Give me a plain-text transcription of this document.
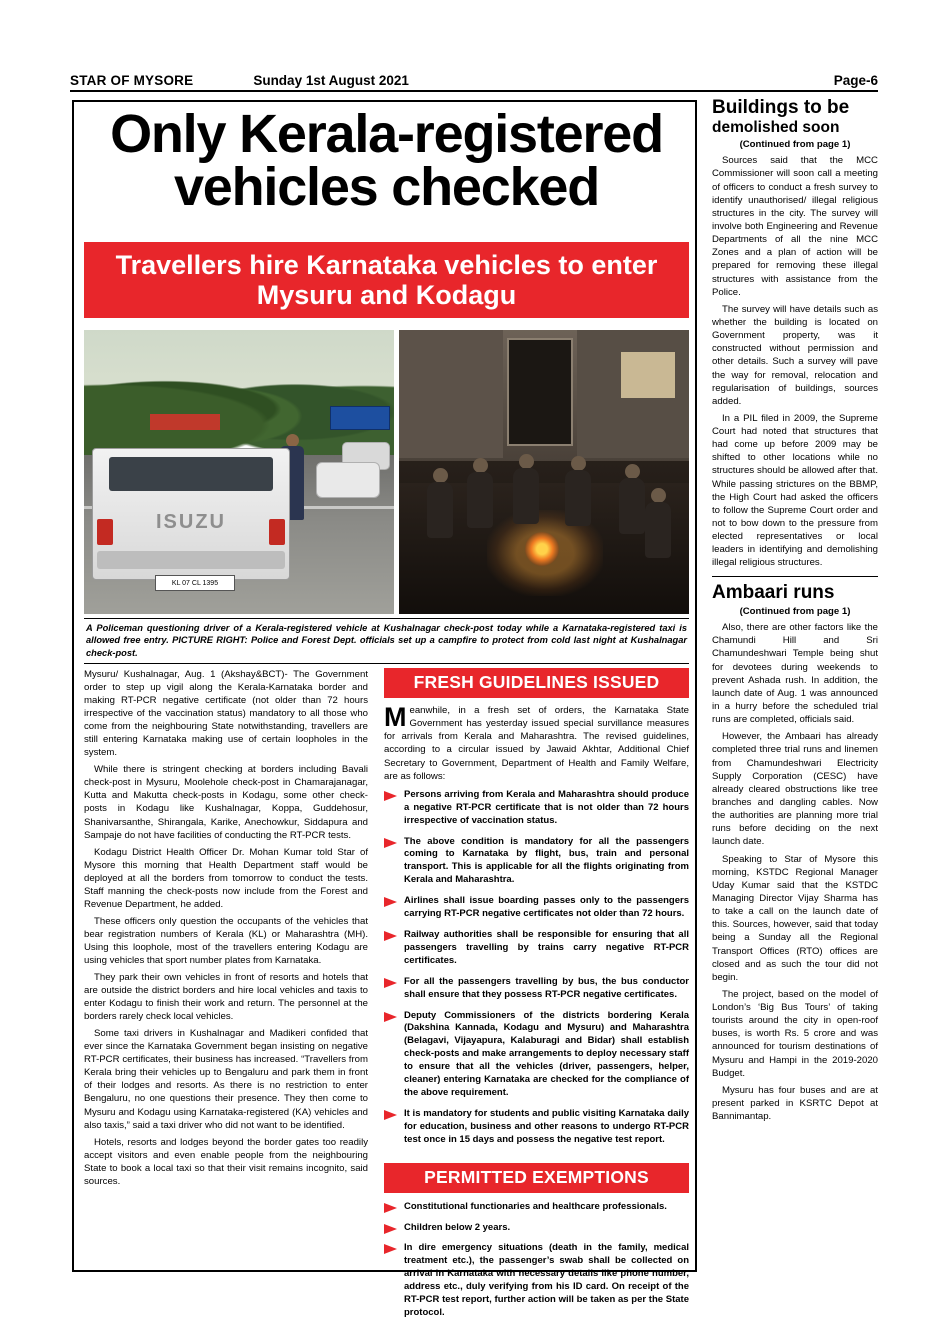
STAR OF MYSORE	Sunday 1st August 2021	Page-6
Only Kerala-registered vehicles checked
Travellers hire Karnataka vehicles to enter Mysuru and Kodagu
ISUZU
KL 07 CL 1395
A Policeman questioning driver of a Kerala-registered vehicle at Kushalnagar check-post today while a Karnataka-registered taxi is allowed free entry. PICTURE RIGHT: Police and Forest Dept. officials set up a campfire to protect from cold last night at Kushalnagar check-post.

Mysuru/ Kushalnagar, Aug. 1 (Akshay&BCT)- The Government order to step up vigil along the Kerala-Karnataka border and making RT-PCR negative certificate (not older than 72 hours irrespective of the vaccination status) mandatory to all those who come from the neighbouring State notwithstanding, travellers are still entering Karnataka making use of certain loopholes in the system.

While there is stringent checking at borders including Bavali check-post in Mysuru, Moolehole check-post in Chamarajanagar, Kutta and Makutta check-posts in Kodagu, some other check-posts in Kodagu like Kushalnagar, Koppa, Guddehosur, Shanivarsanthe, Shirangala, Karike, Anechowkur, Siddapura and Sampaje do not have facilities of conducting the RT-PCR tests.

Kodagu District Health Officer Dr. Mohan Kumar told Star of Mysore this morning that Health Department staff would be deployed at all the borders from tomorrow to conduct the tests. Staff manning the check-posts now include from the Forest and Revenue Department, he added.

These officers only question the occupants of the vehicles that bear registration numbers of Kerala (KL) or Maharashtra (MH). Using this loophole, most of the travellers entering Kodagu are using vehicles that sport number plates from Karnataka.

They park their own vehicles in front of resorts and hotels that are outside the district borders and hire local vehicles and taxis to enter Kodagu to finish their work and return. The personnel at the borders rarely check local vehicles.

Some taxi drivers in Kushalnagar and Madikeri confided that ever since the Karnataka Government began insisting on negative RT-PCR certificates, their business has increased. “Travellers from Kerala bring their vehicles up to Bengaluru and park them in front of their lodges and resorts. As there is no restriction to enter Bengaluru, no one questions their presence. They then come to Mysuru and Kodagu using Karnataka-registered (KA) vehicles and also taxis,” said a taxi driver who did not want to be identified.

Hotels, resorts and lodges beyond the border gates too readily accept visitors and even enable people from the neighbouring State to book a local taxi so that their visit remains incognito, said sources.

FRESH GUIDELINES ISSUED

Meanwhile, in a fresh set of orders, the Karnataka State Government has yesterday issued special survillance measures for arrivals from Kerala and Maharashtra. The revised guidelines, according to a circular issued by Jawaid Akhtar, Additional Chief Secretary to Government, Department of Health and Family Welfare, are as follows:

Persons arriving from Kerala and Maharashtra should produce a negative RT-PCR certificate that is not older than 72 hours irrespective of vaccination status.
The above condition is mandatory for all the passengers coming to Karnataka by flight, bus, train and personal transport. This is applicable for all the flights originating from Kerala and Maharashtra.
Airlines shall issue boarding passes only to the passengers carrying RT-PCR negative certificates not older than 72 hours.
Railway authorities shall be responsible for ensuring that all passengers travelling by trains carry negative RT-PCR certificates.
For all the passengers travelling by bus, the bus conductor shall ensure that they possess RT-PCR negative certificates.
Deputy Commissioners of the districts bordering Kerala (Dakshina Kannada, Kodagu and Mysuru) and Maharashtra (Belagavi, Vijayapura, Kalaburagi and Bidar) shall establish check-posts and make arrangements to deploy necessary staff to ensure that all the vehicles (driver, passengers, helper, cleaner) entering Karnataka are checked for the compliance of the above requirement.
It is mandatory for students and public visiting Karnataka daily for education, business and other reasons to undergo RT-PCR test once in 15 days and possess the negative test report.
PERMITTED EXEMPTIONS
Constitutional functionaries and healthcare professionals.
Children below 2 years.
In dire emergency situations (death in the family, medical treatment etc.), the passenger’s swab shall be collected on arrival in Karnataka with necessary details like phone number, address etc., duly verifying from his ID card. On receipt of the RT-PCR test report, further action will be taken as per the State protocol.
Buildings to be
demolished soon
(Continued from page 1)

Sources said that the MCC Commissioner will soon call a meeting of officers to conduct a fresh survey to identify unauthorised/ illegal religious structures in the city. The survey will involve both Engineering and Revenue Departments of all the nine MCC Zones and a plan of action will be prepared for removing these illegal structures with assistance from the Police.

The survey will have details such as whether the building is located on Government property, was it constructed without permission and other details. Such a survey will pave the way for removal, relocation and regularisation of buildings, sources added.

In a PIL filed in 2009, the Supreme Court had noted that structures that had come up before 2009 may be shifted to other locations while no structures should be allowed after that. While passing strictures on the BBMP, the High Court had asked the officers to follow the Supreme Court order and not to bow down to the pressure from elected representatives or local leaders in identifying and demolishing illegal religious structures.

Ambaari runs
(Continued from page 1)

Also, there are other factors like the Chamundi Hill and Sri Chamundeshwari Temple being shut for devotees during weekends to prevent Ashada rush. In addition, the launch date of Aug. 1 was announced in a hurry before the scheduled trial runs are completed, officials said.

However, the Ambaari has already completed three trial runs and linemen from Chamundeshwari Electricity Supply Corporation (CESC) have already cleared obstructions like tree branches and dangling cables. Now the authorities are planning more trial runs before deciding on the next launch date.

Speaking to Star of Mysore this morning, KSTDC Regional Manager Uday Kumar said that the KSTDC Managing Director Vijay Sharma has to take a call on the launch date of this. Sources, however, said that today being a Sunday all the Regional Transport Offices (RTO) offices are closed and as such the tour did not begin.

The project, based on the model of London’s ‘Big Bus Tours’ of taking tourists around the city in open-roof buses, is worth Rs. 5 crore and was announced for tourism destinations of Mysuru and Hampi in the 2019-2020 Budget.

Mysuru has four buses and are at present parked in KSRTC Depot at Bannimantap.
